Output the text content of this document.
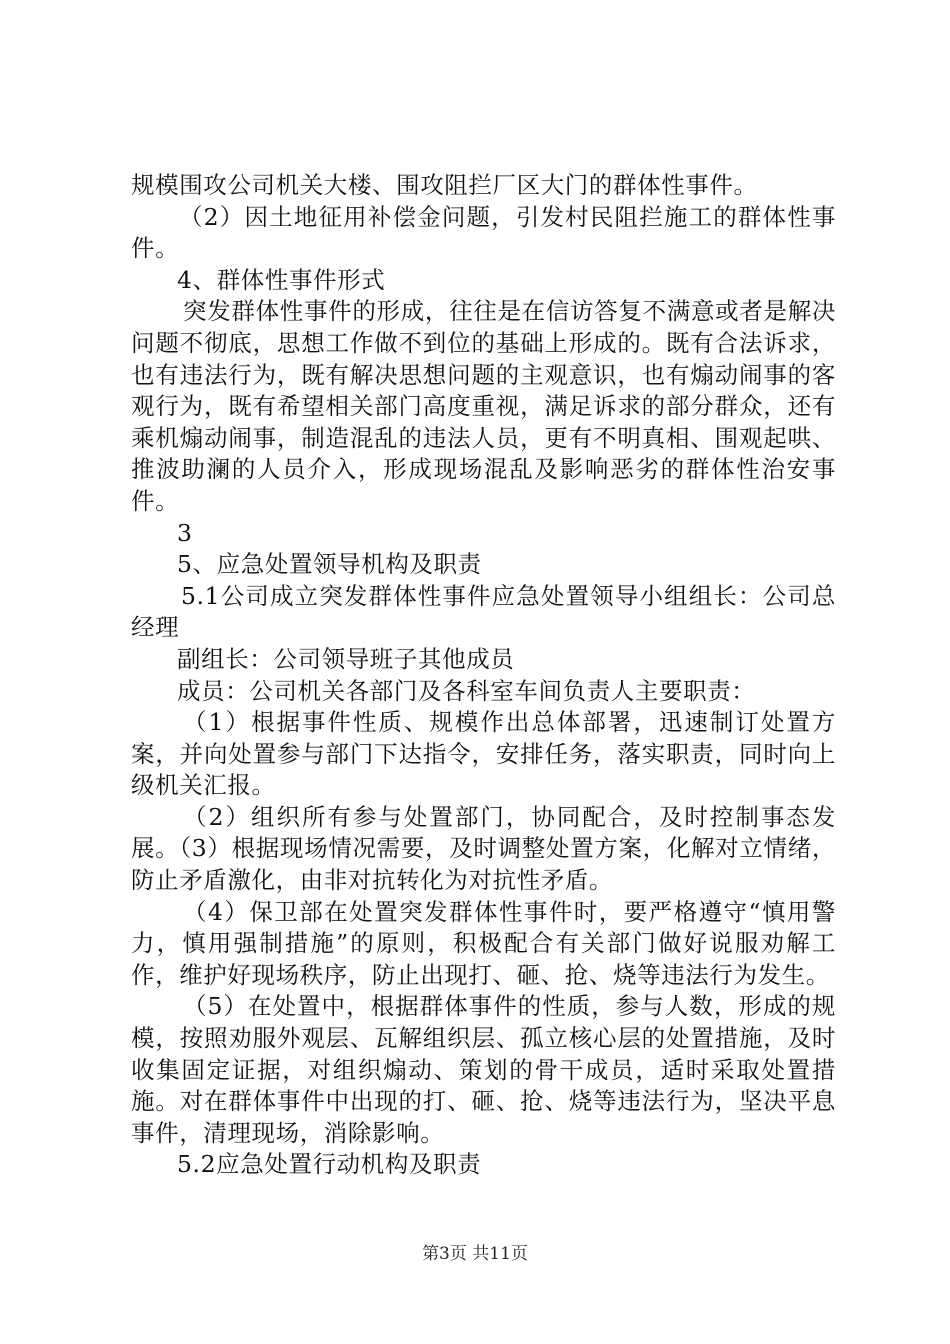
规模围攻公司机关大楼、围攻阻拦厂区大门的群体性事件。

（2）因土地征用补偿金问题，引发村民阻拦施工的群体性事件。

4、群体性事件形式

突发群体性事件的形成，往往是在信访答复不满意或者是解决问题不彻底，思想工作做不到位的基础上形成的。既有合法诉求，也有违法行为，既有解决思想问题的主观意识，也有煽动闹事的客观行为，既有希望相关部门高度重视，满足诉求的部分群众，还有乘机煽动闹事，制造混乱的违法人员，更有不明真相、围观起哄、推波助澜的人员介入，形成现场混乱及影响恶劣的群体性治安事件。

3

5、应急处置领导机构及职责

5.1公司成立突发群体性事件应急处置领导小组组长：公司总经理

副组长：公司领导班子其他成员

成员：公司机关各部门及各科室车间负责人主要职责：

（1）根据事件性质、规模作出总体部署，迅速制订处置方案，并向处置参与部门下达指令，安排任务，落实职责，同时向上级机关汇报。

（2）组织所有参与处置部门，协同配合，及时控制事态发展。（3）根据现场情况需要，及时调整处置方案，化解对立情绪，防止矛盾激化，由非对抗转化为对抗性矛盾。

（4）保卫部在处置突发群体性事件时，要严格遵守“慎用警力，慎用强制措施”的原则，积极配合有关部门做好说服劝解工作，维护好现场秩序，防止出现打、砸、抢、烧等违法行为发生。

（5）在处置中，根据群体事件的性质，参与人数，形成的规模，按照劝服外观层、瓦解组织层、孤立核心层的处置措施，及时收集固定证据，对组织煽动、策划的骨干成员，适时采取处置措施。对在群体事件中出现的打、砸、抢、烧等违法行为，坚决平息事件，清理现场，消除影响。

5.2应急处置行动机构及职责

第3页 共11页
